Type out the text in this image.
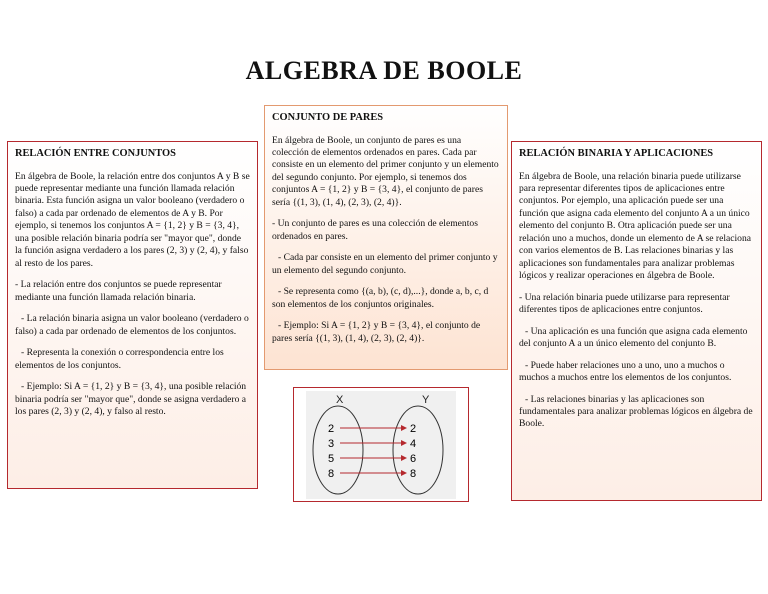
ALGEBRA DE BOOLE
RELACIÓN ENTRE CONJUNTOS

En álgebra de Boole, la relación entre dos conjuntos A y B se puede representar mediante una función llamada relación binaria. Esta función asigna un valor booleano (verdadero o falso) a cada par ordenado de elementos de A y B. Por ejemplo, si tenemos los conjuntos A = {1, 2} y B = {3, 4}, una posible relación binaria podría ser "mayor que", donde la función asigna verdadero a los pares (2, 3) y (2, 4), y falso al resto de los pares.

- La relación entre dos conjuntos se puede representar mediante una función llamada relación binaria.

- La relación binaria asigna un valor booleano (verdadero o falso) a cada par ordenado de elementos de los conjuntos.

- Representa la conexión o correspondencia entre los elementos de los conjuntos.

- Ejemplo: Si A = {1, 2} y B = {3, 4}, una posible relación binaria podría ser "mayor que", donde se asigna verdadero a los pares (2, 3) y (2, 4), y falso al resto.

CONJUNTO DE PARES

En álgebra de Boole, un conjunto de pares es una colección de elementos ordenados en pares. Cada par consiste en un elemento del primer conjunto y un elemento del segundo conjunto. Por ejemplo, si tenemos dos conjuntos A = {1, 2} y B = {3, 4}, el conjunto de pares sería {(1, 3), (1, 4), (2, 3), (2, 4)}.

- Un conjunto de pares es una colección de elementos ordenados en pares.

- Cada par consiste en un elemento del primer conjunto y un elemento del segundo conjunto.

- Se representa como {(a, b), (c, d),...}, donde a, b, c, d son elementos de los conjuntos originales.

- Ejemplo: Si A = {1, 2} y B = {3, 4}, el conjunto de pares sería {(1, 3), (1, 4), (2, 3), (2, 4)}.

RELACIÓN BINARIA Y APLICACIONES

En álgebra de Boole, una relación binaria puede utilizarse para representar diferentes tipos de aplicaciones entre conjuntos. Por ejemplo, una aplicación puede ser una función que asigna cada elemento del conjunto A a un único elemento del conjunto B. Otra aplicación puede ser una relación uno a muchos, donde un elemento de A se relaciona con varios elementos de B. Las relaciones binarias y las aplicaciones son fundamentales para analizar problemas lógicos y realizar operaciones en álgebra de Boole.

- Una relación binaria puede utilizarse para representar diferentes tipos de aplicaciones entre conjuntos.

- Una aplicación es una función que asigna cada elemento del conjunto A a un único elemento del conjunto B.

- Puede haber relaciones uno a uno, uno a muchos o muchos a muchos entre los elementos de los conjuntos.

- Las relaciones binarias y las aplicaciones son fundamentales para analizar problemas lógicos en álgebra de Boole.

X	Y
2	2
3	4
5	6
8	8
